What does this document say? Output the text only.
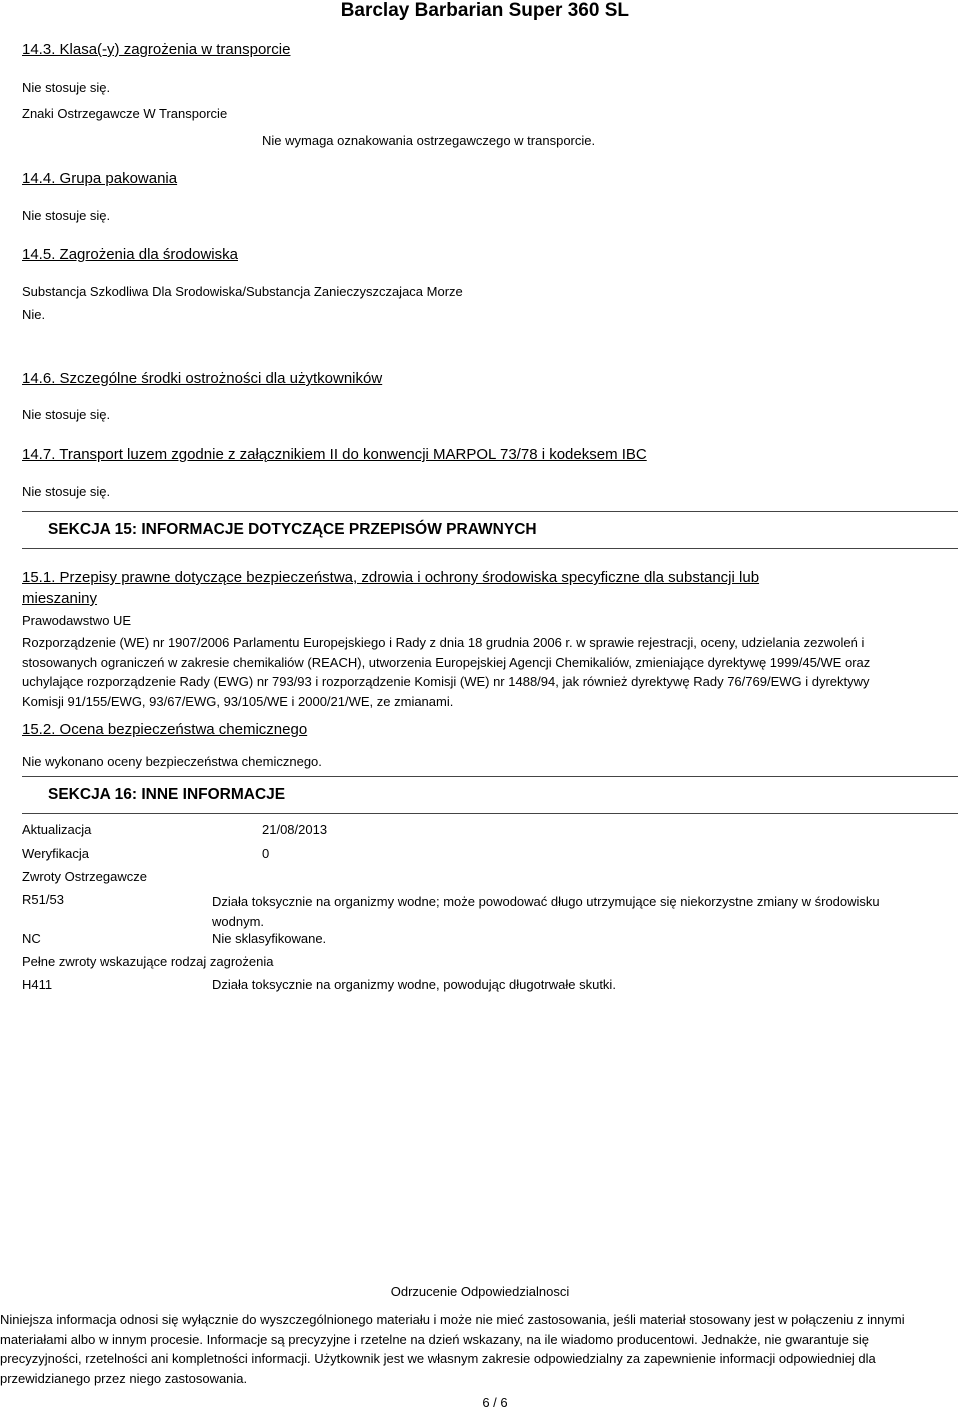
Barclay Barbarian Super 360 SL
14.3. Klasa(-y) zagrożenia w transporcie
Nie stosuje się.
Znaki Ostrzegawcze W Transporcie
Nie wymaga oznakowania ostrzegawczego w transporcie.
14.4. Grupa pakowania
Nie stosuje się.
14.5. Zagrożenia dla środowiska
Substancja Szkodliwa Dla Srodowiska/Substancja Zanieczyszczajaca Morze
Nie.
14.6. Szczególne środki ostrożności dla użytkowników
Nie stosuje się.
14.7. Transport luzem zgodnie z załącznikiem II do konwencji MARPOL 73/78 i kodeksem IBC
Nie stosuje się.
SEKCJA 15: INFORMACJE DOTYCZĄCE PRZEPISÓW PRAWNYCH
15.1. Przepisy prawne dotyczące bezpieczeństwa, zdrowia i ochrony środowiska specyficzne dla substancji lub
mieszaniny
Prawodawstwo UE
Rozporządzenie (WE) nr 1907/2006 Parlamentu Europejskiego i Rady z dnia 18 grudnia 2006 r. w sprawie rejestracji, oceny, udzielania zezwoleń i stosowanych ograniczeń w zakresie chemikaliów (REACH), utworzenia Europejskiej Agencji Chemikaliów, zmieniające dyrektywę 1999/45/WE oraz uchylające rozporządzenie Rady (EWG) nr 793/93 i rozporządzenie Komisji (WE) nr 1488/94, jak również dyrektywę Rady 76/769/EWG i dyrektywy Komisji 91/155/EWG, 93/67/EWG, 93/105/WE i 2000/21/WE, ze zmianami.
15.2. Ocena bezpieczeństwa chemicznego
Nie wykonano oceny bezpieczeństwa chemicznego.
SEKCJA 16: INNE INFORMACJE
Aktualizacja	21/08/2013
Weryfikacja	0
Zwroty Ostrzegawcze
R51/53	Działa toksycznie na organizmy wodne; może powodować długo utrzymujące się niekorzystne zmiany w środowisku wodnym.
NC	Nie sklasyfikowane.
Pełne zwroty wskazujące rodzaj zagrożenia
H411	Działa toksycznie na organizmy wodne, powodując długotrwałe skutki.
Odrzucenie Odpowiedzialnosci
Niniejsza informacja odnosi się wyłącznie do wyszczególnionego materiału i może nie mieć zastosowania, jeśli materiał stosowany jest w połączeniu z innymi materiałami albo w innym procesie. Informacje są precyzyjne i rzetelne na dzień wskazany, na ile wiadomo producentowi. Jednakże, nie gwarantuje się precyzyjności, rzetelności ani kompletności informacji. Użytkownik jest we własnym zakresie odpowiedzialny za zapewnienie informacji odpowiedniej dla przewidzianego przez niego zastosowania.
6 / 6
